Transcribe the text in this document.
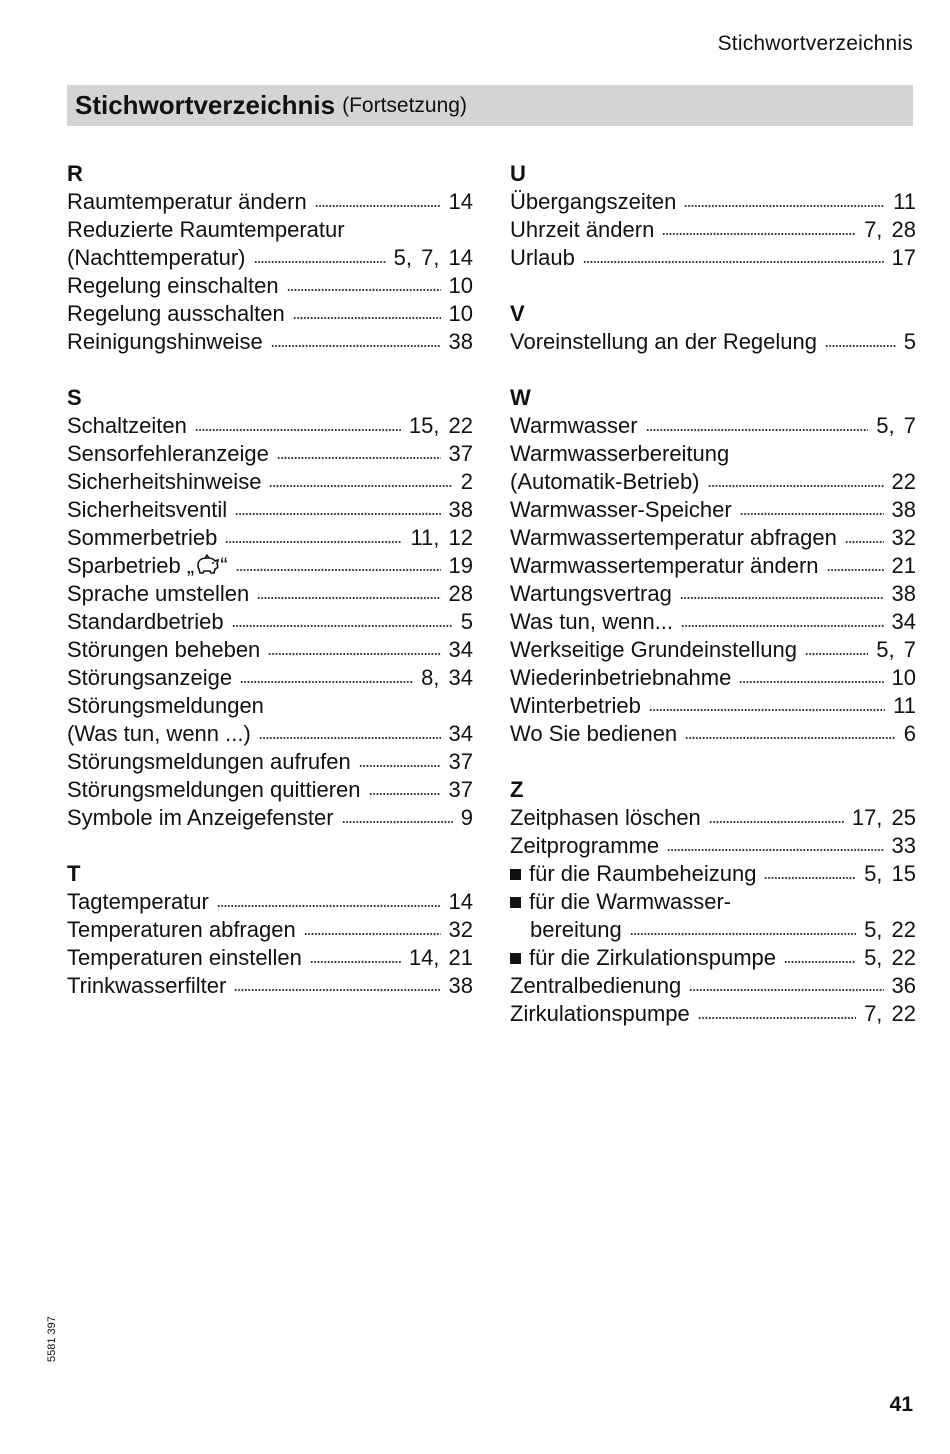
Stichwortverzeichnis
Stichwortverzeichnis (Fortsetzung)
R
Raumtemperatur ändern	14
Reduzierte Raumtemperatur
(Nachttemperatur)	5, 7, 14
Regelung einschalten	10
Regelung ausschalten	10
Reinigungshinweise	38
S
Schaltzeiten	15, 22
Sensorfehleranzeige	37
Sicherheitshinweise	2
Sicherheitsventil	38
Sommerbetrieb	11, 12
Sparbetrieb „ “	19
Sprache umstellen	28
Standardbetrieb	5
Störungen beheben	34
Störungsanzeige	8, 34
Störungsmeldungen
(Was tun, wenn ...)	34
Störungsmeldungen aufrufen	37
Störungsmeldungen quittieren	37
Symbole im Anzeigefenster	9
T
Tagtemperatur	14
Temperaturen abfragen	32
Temperaturen einstellen	14, 21
Trinkwasserfilter	38
U
Übergangszeiten	11
Uhrzeit ändern	7, 28
Urlaub	17
V
Voreinstellung an der Regelung	5
W
Warmwasser	5, 7
Warmwasserbereitung
(Automatik-Betrieb)	22
Warmwasser-Speicher	38
Warmwassertemperatur abfragen 32
Warmwassertemperatur ändern	21
Wartungsvertrag	38
Was tun, wenn...	34
Werkseitige Grundeinstellung	5, 7
Wiederinbetriebnahme	10
Winterbetrieb	11
Wo Sie bedienen	6
Z
Zeitphasen löschen	17, 25
Zeitprogramme	33
für die Raumbeheizung	5, 15
für die Warmwasser-
bereitung	5, 22
für die Zirkulationspumpe	5, 22
Zentralbedienung	36
Zirkulationspumpe	7, 22
5581 397
41
